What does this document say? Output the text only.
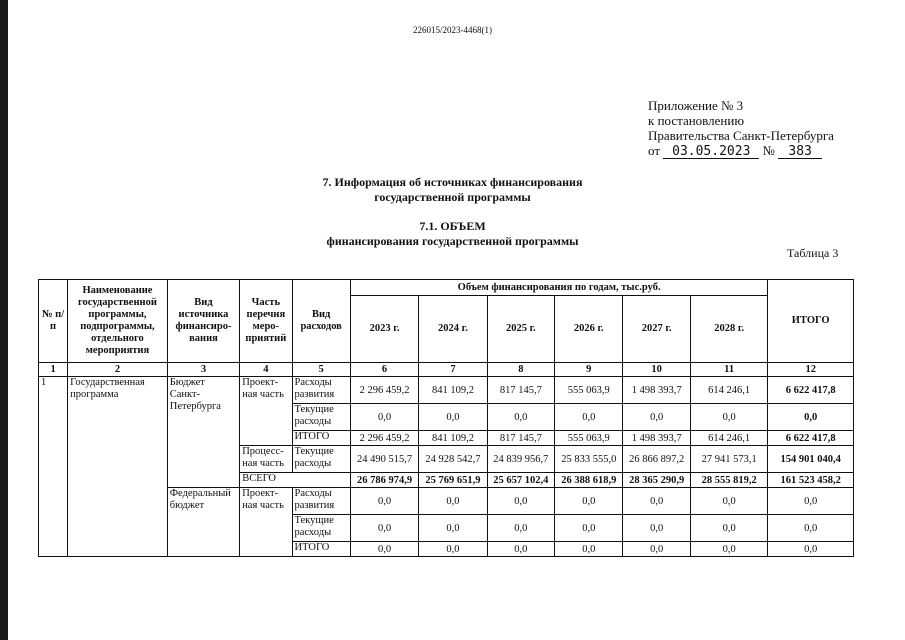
226015/2023-4468(1)
Приложение № 3
к постановлению
Правительства Санкт-Петербурга
от 03.05.2023 № 383
7. Информация об источниках финансирования
государственной программы
7.1. ОБЪЕМ
финансирования государственной программы
Таблица 3
№ п/п	Наименование государственной программы, подпрограммы, отдельного мероприятия	Вид источника финансиро-вания	Часть перечня меро-приятий	Вид расходов	Объем финансирования по годам, тыс.руб.						ИТОГО
					2023 г.	2024 г.	2025 г.	2026 г.	2027 г.	2028 г.	
1	2	3	4	5	6	7	8	9	10	11	12
1	Государственная программа	Бюджет Санкт-Петербурга	Проект-ная часть	Расходы развития	2 296 459,2	841 109,2	817 145,7	555 063,9	1 498 393,7	614 246,1	6 622 417,8
				Текущие расходы	0,0	0,0	0,0	0,0	0,0	0,0	0,0
				ИТОГО	2 296 459,2	841 109,2	817 145,7	555 063,9	1 498 393,7	614 246,1	6 622 417,8
			Процесс-ная часть	Текущие расходы	24 490 515,7	24 928 542,7	24 839 956,7	25 833 555,0	26 866 897,2	27 941 573,1	154 901 040,4
			ВСЕГО		26 786 974,9	25 769 651,9	25 657 102,4	26 388 618,9	28 365 290,9	28 555 819,2	161 523 458,2
		Федеральный бюджет	Проект-ная часть	Расходы развития	0,0	0,0	0,0	0,0	0,0	0,0	0,0
				Текущие расходы	0,0	0,0	0,0	0,0	0,0	0,0	0,0
				ИТОГО	0,0	0,0	0,0	0,0	0,0	0,0	0,0
